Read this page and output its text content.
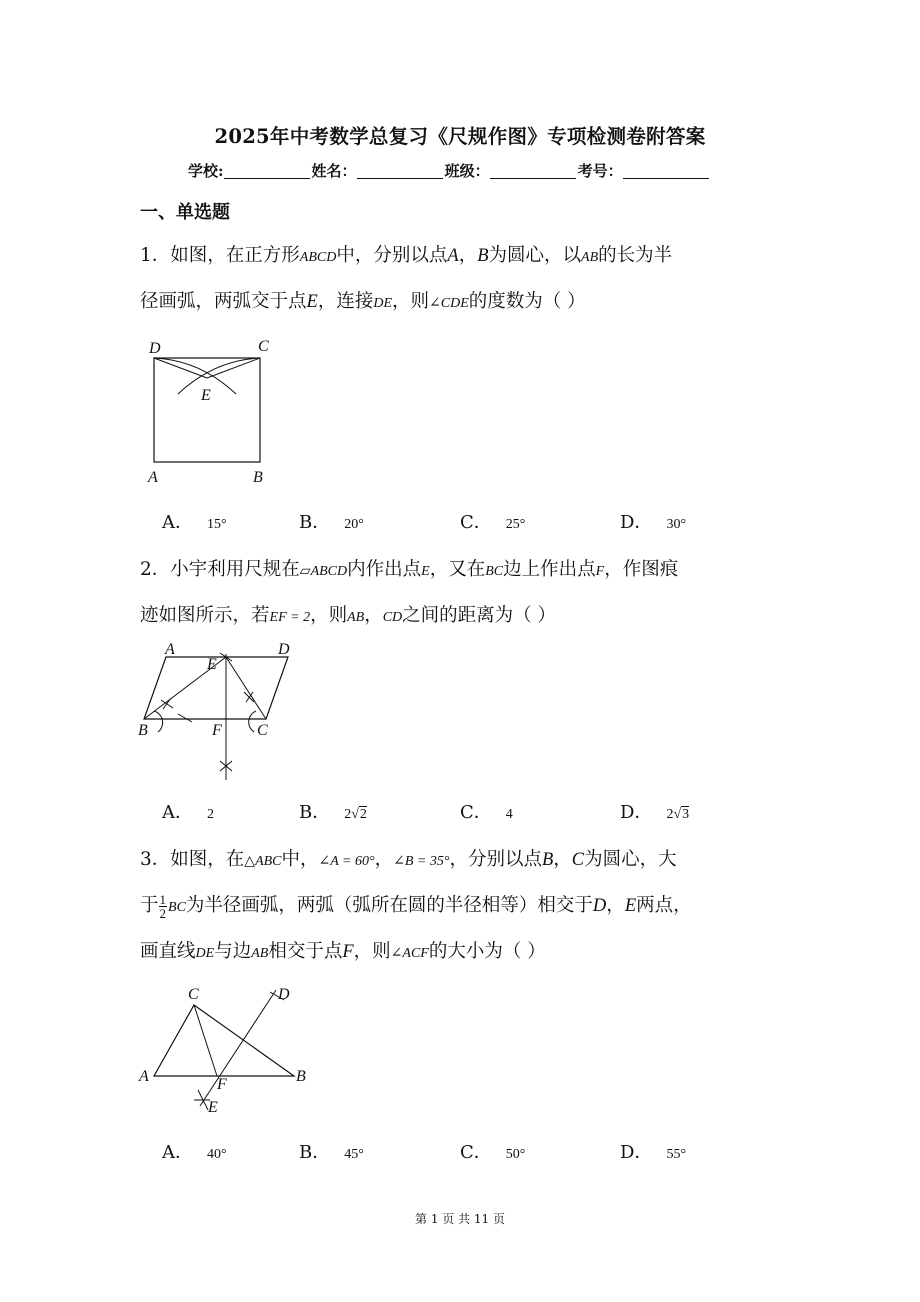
2025年中考数学总复习《尺规作图》专项检测卷附答案
学校:	姓名：	班级：	考号：
一、单选题
1．如图，在正方形ABCD中，分别以点A，B为圆心，以AB的长为半
径画弧，两弧交于点E，连接DE，则∠CDE的度数为（ ）
D	C
E
A	B
A． 15°	B． 20°	C． 25°	D． 30°
2．小宇利用尺规在▱ABCD内作出点E，又在BC边上作出点F，作图痕
迹如图所示，若EF = 2，则AB，CD之间的距离为（ ）
A	D
E
B	F C
A． 2	B． 2√2	C． 4	D． 2√3
3．如图，在△ABC中，∠A = 60°，∠B = 35°，分别以点B，C为圆心，大
于 $\frac{1}{2}$ BC为半径画弧，两弧（弧所在圆的半径相等）相交于D，E两点，
画直线DE与边AB相交于点F，则∠ACF的大小为（ ）
C	D
A	F	B
E
A． 40°	B． 45°	C． 50°	D． 55°
第 1 页 共 11 页
